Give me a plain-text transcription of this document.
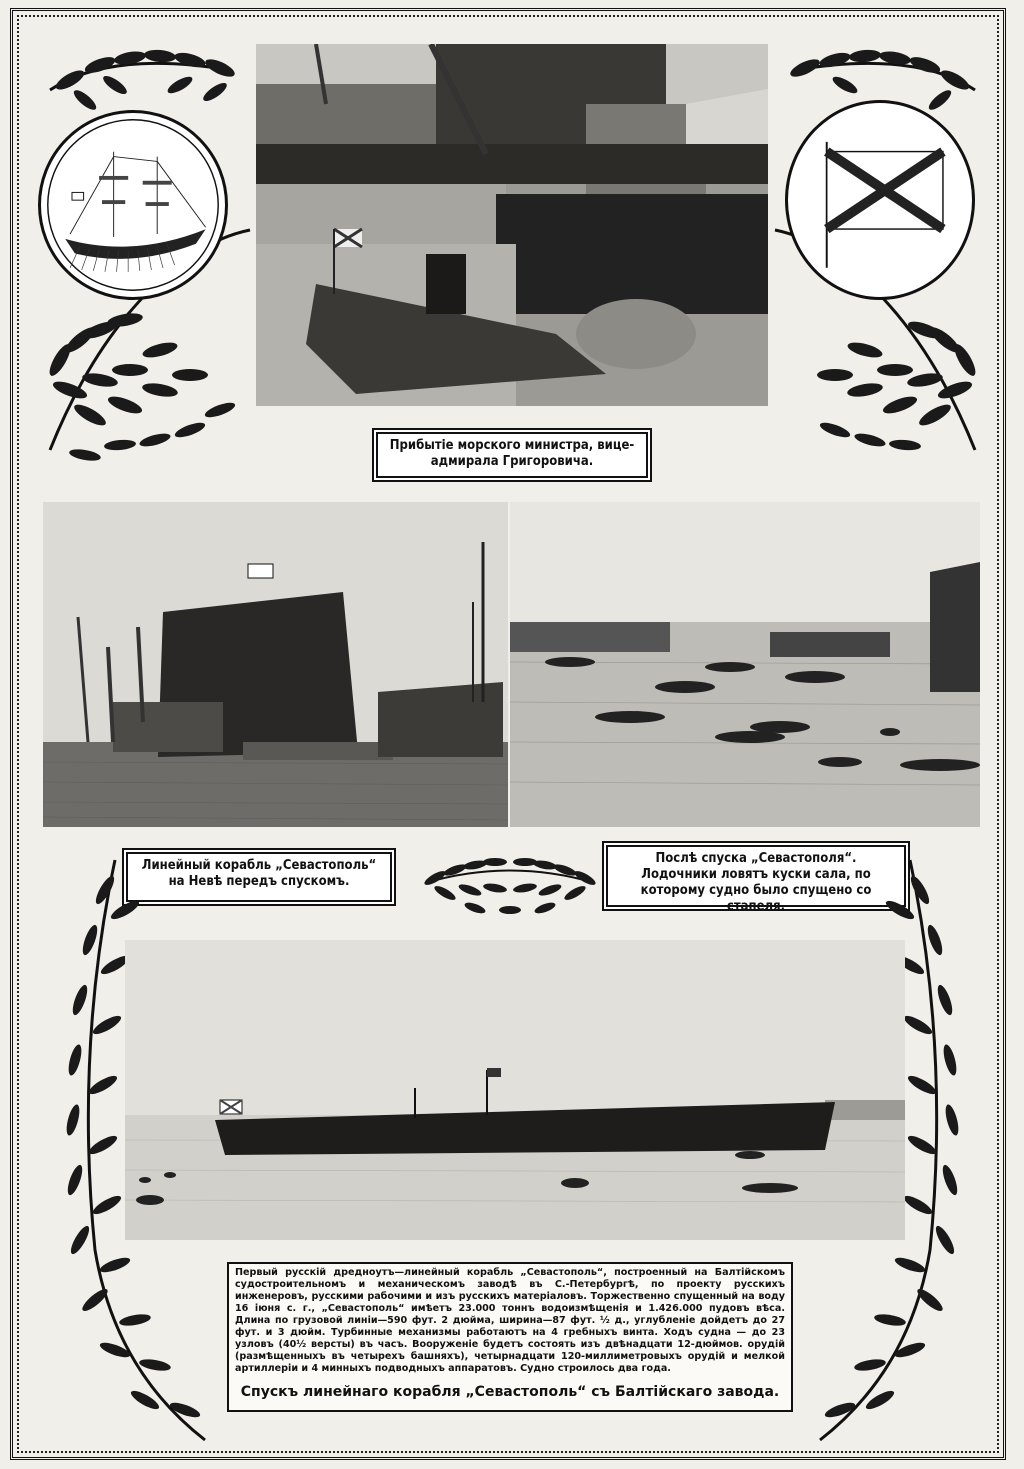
Прибытіе морского министра, вице-адмирала Григоровича.
Линейный корабль „Севастополь“ на Невѣ передъ спускомъ.
Послѣ спуска „Севастополя“. Лодочники ловятъ куски сала, по которому судно было спущено со стапеля.
Первый русскій дредноутъ—линейный корабль „Севастополь“, построенный на Балтійскомъ судостроительномъ и механическомъ заводѣ въ С.-Петербургѣ, по проекту русскихъ инженеровъ, русскими рабочими и изъ русскихъ матеріаловъ. Торжественно спущенный на воду 16 іюня с. г., „Севастополь“ имѣетъ 23.000 тоннъ водоизмѣщенія и 1.426.000 пудовъ вѣса. Длина по грузовой линіи—590 фут. 2 дюйма, ширина—87 фут. ½ д., углубленіе дойдетъ до 27 фут. и 3 дюйм. Турбинные механизмы работаютъ на 4 гребныхъ винта. Ходъ судна — до 23 узловъ (40½ версты) въ часъ. Вооруженіе будетъ состоять изъ двѣнадцати 12-дюймов. орудій (размѣщенныхъ въ четырехъ башняхъ), четырнадцати 120-миллиметровыхъ орудій и мелкой артиллеріи и 4 минныхъ подводныхъ аппаратовъ. Судно строилось два года.
Спускъ линейнаго корабля „Севастополь“ съ Балтійскаго завода.
